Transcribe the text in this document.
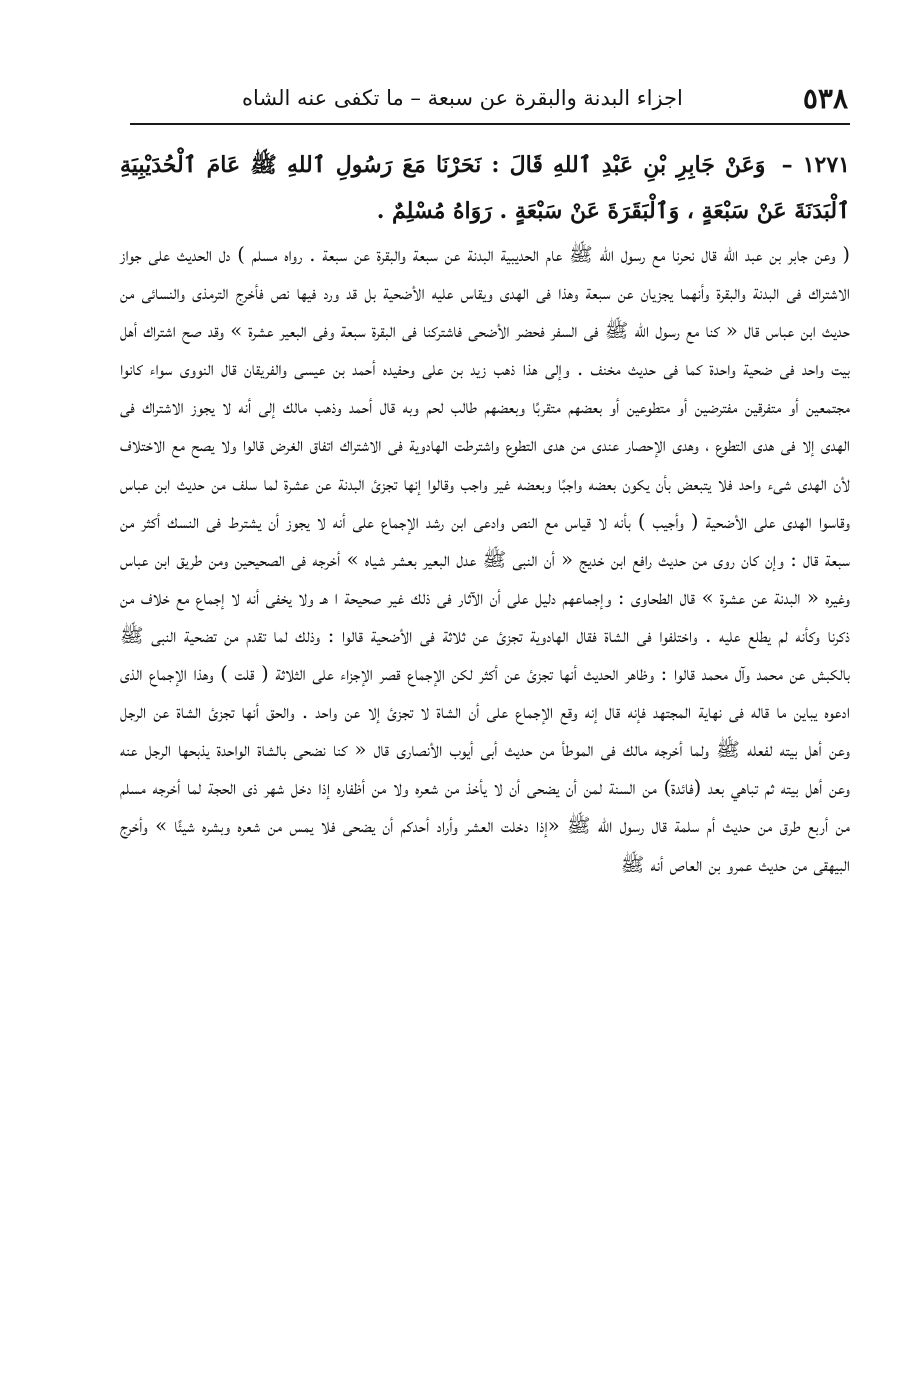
٥٣٨
اجزاء البدنة والبقرة عن سبعة – ما تكفى عنه الشاه
١٢٧١ – وَعَنْ جَابِرِ بْنِ عَبْدِ ٱللهِ قَالَ : نَحَرْنَا مَعَ رَسُولِ ٱللهِ ﷺ عَامَ ٱلْحُدَيْبِيَةِ ٱلْبَدَنَةَ عَنْ سَبْعَةٍ ، وَٱلْبَقَرَةَ عَنْ سَبْعَةٍ . رَوَاهُ مُسْلِمٌ .

( وعن جابر بن عبد الله قال نحرنا مع رسول الله ﷺ عام الحديبية البدنة عن سبعة والبقرة عن سبعة . رواه مسلم ) دل الحديث على جواز الاشتراك فى البدنة والبقرة وأنهما يجزيان عن سبعة وهذا فى الهدى ويقاس عليه الأضحية بل قد ورد فيها نص فأخرج الترمذى والنسائى من حديث ابن عباس قال « كنا مع رسول الله ﷺ فى السفر فحضر الأضحى فاشتركنا فى البقرة سبعة وفى البعير عشرة » وقد صح اشتراك أهل بيت واحد فى ضحية واحدة كما فى حديث مخنف . وإلى هذا ذهب زيد بن على وحفيده أحمد بن عيسى والفريقان قال النووى سواء كانوا مجتمعين أو متفرقين مفترضين أو متطوعين أو بعضهم متقربًا وبعضهم طالب لحم وبه قال أحمد وذهب مالك إلى أنه لا يجوز الاشتراك فى الهدى إلا فى هدى التطوع ، وهدى الإحصار عندى من هدى التطوع واشترطت الهادوية فى الاشتراك اتفاق الغرض قالوا ولا يصح مع الاختلاف لأن الهدى شىء واحد فلا يتبعض بأن يكون بعضه واجبًا وبعضه غير واجب وقالوا إنها تجزئ البدنة عن عشرة لما سلف من حديث ابن عباس وقاسوا الهدى على الأضحية ( وأجيب ) بأنه لا قياس مع النص وادعى ابن رشد الإجماع على أنه لا يجوز أن يشترط فى النسك أكثر من سبعة قال : وإن كان روى من حديث رافع ابن خديج « أن النبى ﷺ عدل البعير بعشر شياه » أخرجه فى الصحيحين ومن طريق ابن عباس وغيره « البدنة عن عشرة » قال الطحاوى : وإجماعهم دليل على أن الآثار فى ذلك غير صحيحة ا هـ ولا يخفى أنه لا إجماع مع خلاف من ذكرنا وكأنه لم يطلع عليه . واختلفوا فى الشاة فقال الهادوية تجزئ عن ثلاثة فى الأضحية قالوا : وذلك لما تقدم من تضحية النبى ﷺ بالكبش عن محمد وآل محمد قالوا : وظاهر الحديث أنها تجزئ عن أكثر لكن الإجماع قصر الإجزاء على الثلاثة ( قلت ) وهذا الإجماع الذى ادعوه يباين ما قاله فى نهاية المجتهد فإنه قال إنه وقع الإجماع على أن الشاة لا تجزئ إلا عن واحد . والحق أنها تجزئ الشاة عن الرجل وعن أهل بيته لفعله ﷺ ولما أخرجه مالك فى الموطأ من حديث أبى أيوب الأنصارى قال « كنا نضحى بالشاة الواحدة يذبحها الرجل عنه وعن أهل بيته ثم تباهي بعد (فائدة) من السنة لمن أن يضحى أن لا يأخذ من شعره ولا من أظفاره إذا دخل شهر ذى الحجة لما أخرجه مسلم من أربع طرق من حديث أم سلمة قال رسول الله ﷺ «إذا دخلت العشر وأراد أحدكم أن يضحى فلا يمس من شعره وبشره شيئًا » وأخرج البيهقى من حديث عمرو بن العاص أنه ﷺ
